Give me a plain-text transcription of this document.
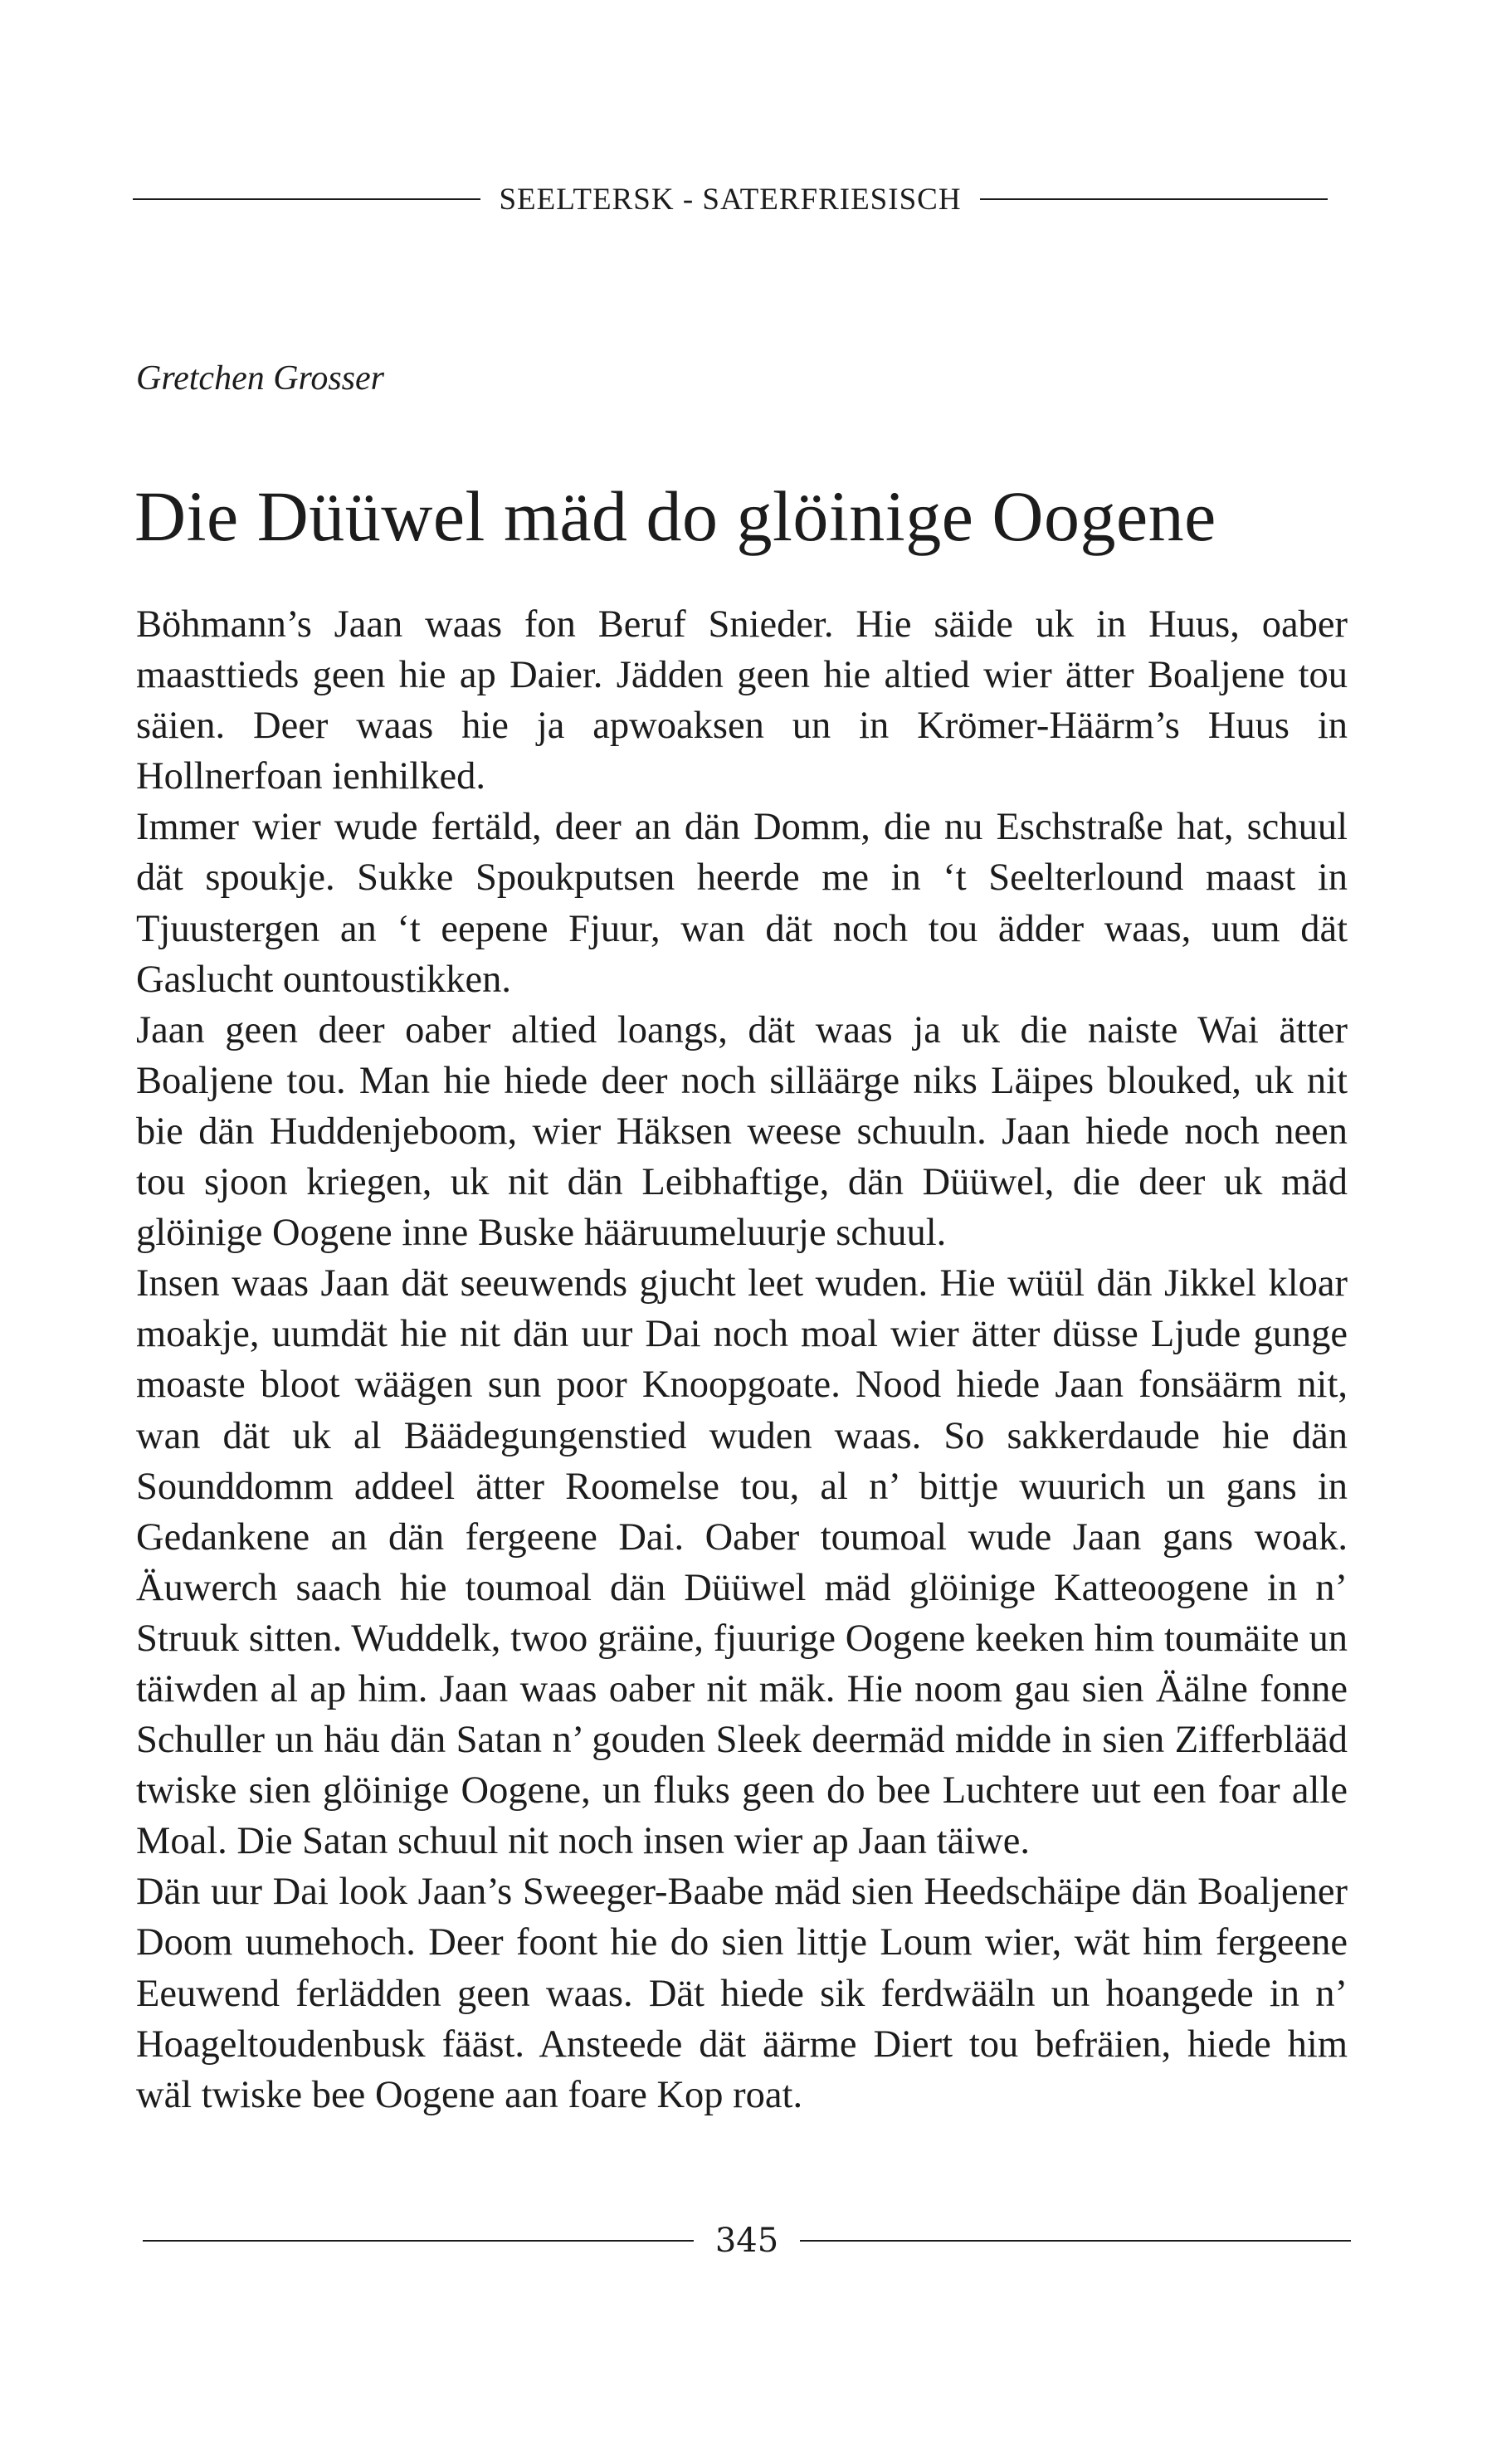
SEELTERSK - SATERFRIESISCH
Gretchen Grosser
Die Düüwel mäd do glöinige Oogene

Böhmann’s Jaan waas fon Beruf Snieder. Hie säide uk in Huus, oaber maasttieds geen hie ap Daier. Jädden geen hie altied wier ätter Boaljene tou säien. Deer waas hie ja apwoaksen un in Krömer-Häärm’s Huus in Hollnerfoan ienhilked.

Immer wier wude fertäld, deer an dän Domm, die nu Eschstraße hat, schuul dät spoukje. Sukke Spoukputsen heerde me in ‘t Seelterlound maast in Tjuustergen an ‘t eepene Fjuur, wan dät noch tou ädder waas, uum dät Gaslucht ountoustikken.

Jaan geen deer oaber altied loangs, dät waas ja uk die naiste Wai ätter Boaljene tou. Man hie hiede deer noch silläärge niks Läipes blouked, uk nit bie dän Huddenjeboom, wier Häksen weese schuuln. Jaan hiede noch neen tou sjoon kriegen, uk nit dän Leibhaftige, dän Düüwel, die deer uk mäd glöinige Oogene inne Buske hääruumeluurje schuul.

Insen waas Jaan dät seeuwends gjucht leet wuden. Hie wüül dän Jikkel kloar moakje, uumdät hie nit dän uur Dai noch moal wier ätter düsse Ljude gunge moaste bloot wäägen sun poor Knoopgoate. Nood hiede Jaan fonsäärm nit, wan dät uk al Bäädegungenstied wuden waas. So sakkerdaude hie dän Sounddomm addeel ätter Roomelse tou, al n’ bittje wuurich un gans in Gedankene an dän fergeene Dai. Oaber toumoal wude Jaan gans woak. Äuwerch saach hie toumoal dän Düüwel mäd glöinige Katteoogene in n’ Struuk sitten. Wuddelk, twoo gräine, fjuurige Oogene keeken him toumäite un täiwden al ap him. Jaan waas oaber nit mäk. Hie noom gau sien Äälne fonne Schuller un häu dän Satan n’ gouden Sleek deermäd midde in sien Zifferblääd twiske sien glöinige Oogene, un fluks geen do bee Luchtere uut een foar alle Moal. Die Satan schuul nit noch insen wier ap Jaan täiwe.

Dän uur Dai look Jaan’s Sweeger-Baabe mäd sien Heedschäipe dän Boaljener Doom uumehoch. Deer foont hie do sien littje Loum wier, wät him fergeene Eeuwend ferlädden geen waas. Dät hiede sik ferdwääln un hoangede in n’ Hoageltoudenbusk fääst. Ansteede dät äärme Diert tou befräien, hiede him wäl twiske bee Oogene aan foare Kop roat.

345
